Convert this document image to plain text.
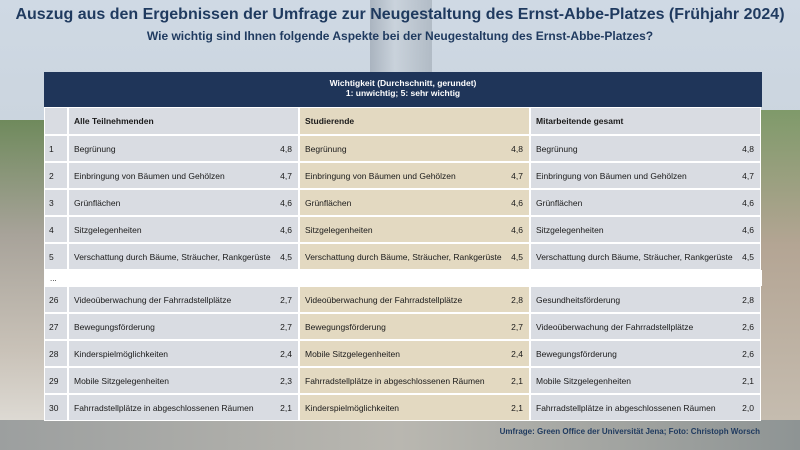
Auszug aus den Ergebnissen der Umfrage zur Neugestaltung des Ernst-Abbe-Platzes (Frühjahr 2024)
Wie wichtig sind Ihnen folgende Aspekte bei der Neugestaltung des Ernst-Abbe-Platzes?
Wichtigkeit (Durchschnitt, gerundet)
1: unwichtig; 5: sehr wichtig
Alle Teilnehmenden	Studierende	Mitarbeitende gesamt
1	Begrünung	4,8 Begrünung	4,8 Begrünung	4,8
2	Einbringung von Bäumen und Gehölzen	4,7 Einbringung von Bäumen und Gehölzen	4,7 Einbringung von Bäumen und Gehölzen	4,7
3	Grünflächen	4,6 Grünflächen	4,6 Grünflächen	4,6
4	Sitzgelegenheiten	4,6 Sitzgelegenheiten	4,6 Sitzgelegenheiten	4,6
5	Verschattung durch Bäume, Sträucher, Rankgerüste	4,5 Verschattung durch Bäume, Sträucher, Rankgerüste	4,5 Verschattung durch Bäume, Sträucher, Rankgerüste	4,5
...
26	Videoüberwachung der Fahrradstellplätze	2,7 Videoüberwachung der Fahrradstellplätze	2,8 Gesundheitsförderung	2,8
27	Bewegungsförderung	2,7 Bewegungsförderung	2,7 Videoüberwachung der Fahrradstellplätze	2,6
28	Kinderspielmöglichkeiten	2,4 Mobile Sitzgelegenheiten	2,4 Bewegungsförderung	2,6
29	Mobile Sitzgelegenheiten	2,3 Fahrradstellplätze in abgeschlossenen Räumen	2,1 Mobile Sitzgelegenheiten	2,1
30	Fahrradstellplätze in abgeschlossenen Räumen	2,1 Kinderspielmöglichkeiten	2,1 Fahrradstellplätze in abgeschlossenen Räumen	2,0
Umfrage: Green Office der Universität Jena; Foto: Christoph Worsch
